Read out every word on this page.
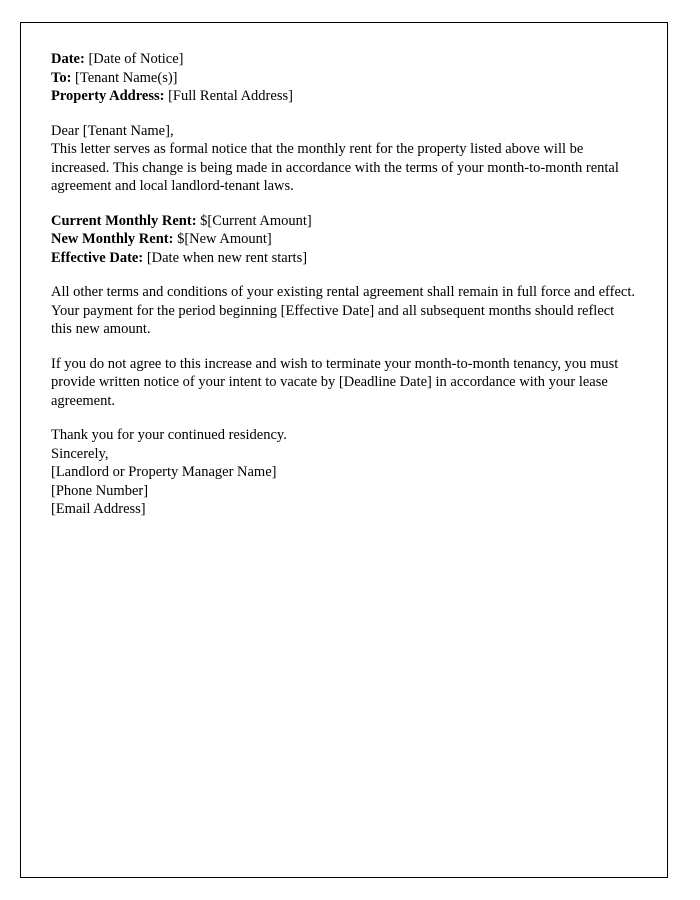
Date: [Date of Notice]

To: [Tenant Name(s)]

Property Address: [Full Rental Address]

Dear [Tenant Name],

This letter serves as formal notice that the monthly rent for the property listed above will be increased. This change is being made in accordance with the terms of your month-to-month rental agreement and local landlord-tenant laws.

Current Monthly Rent: $[Current Amount]

New Monthly Rent: $[New Amount]

Effective Date: [Date when new rent starts]

All other terms and conditions of your existing rental agreement shall remain in full force and effect. Your payment for the period beginning [Effective Date] and all subsequent months should reflect this new amount.

If you do not agree to this increase and wish to terminate your month-to-month tenancy, you must provide written notice of your intent to vacate by [Deadline Date] in accordance with your lease agreement.

Thank you for your continued residency.

Sincerely,

[Landlord or Property Manager Name]

[Phone Number]

[Email Address]
